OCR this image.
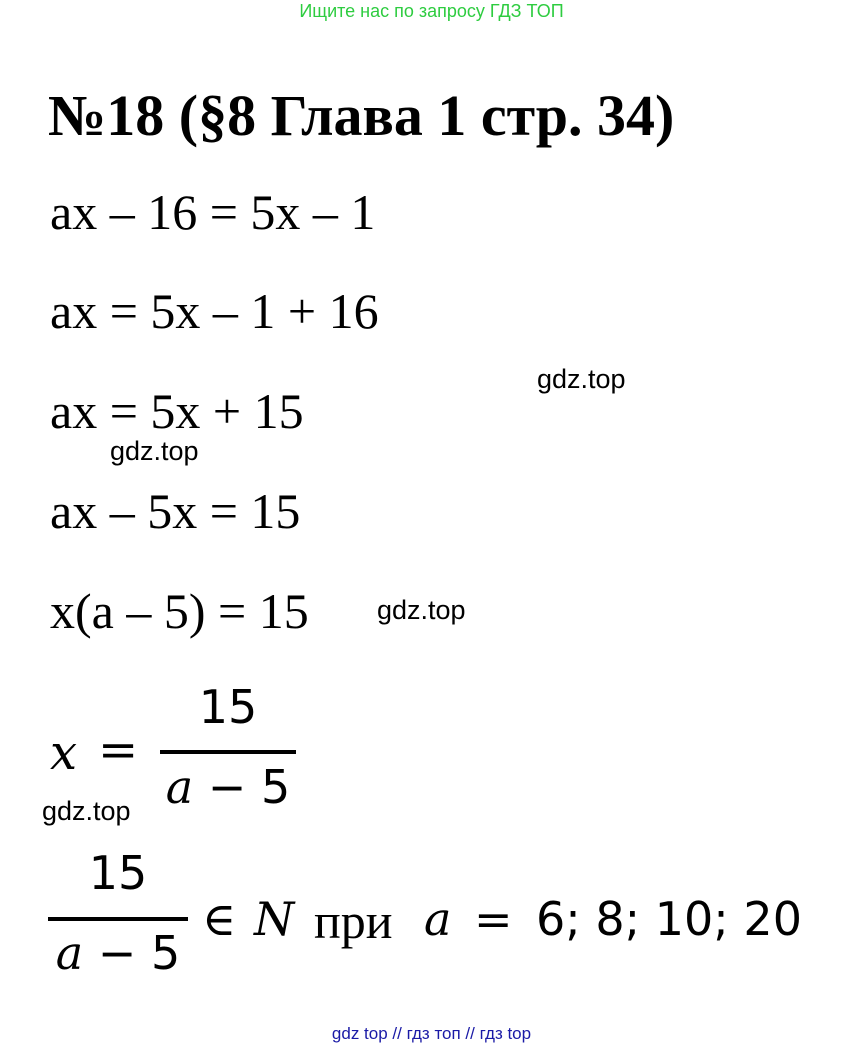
Ищите нас по запросу ГДЗ ТОП
№18 (§8 Глава 1 стр. 34)
ax – 16 = 5x – 1
ax = 5x – 1 + 16
ax = 5x + 15
ax – 5x = 15
x(a – 5) = 15
x =
15
a − 5
15
a − 5
∈ N при a = 6; 8; 10; 20
gdz.top
gdz.top
gdz.top
gdz.top
gdz top // гдз топ // гдз top
